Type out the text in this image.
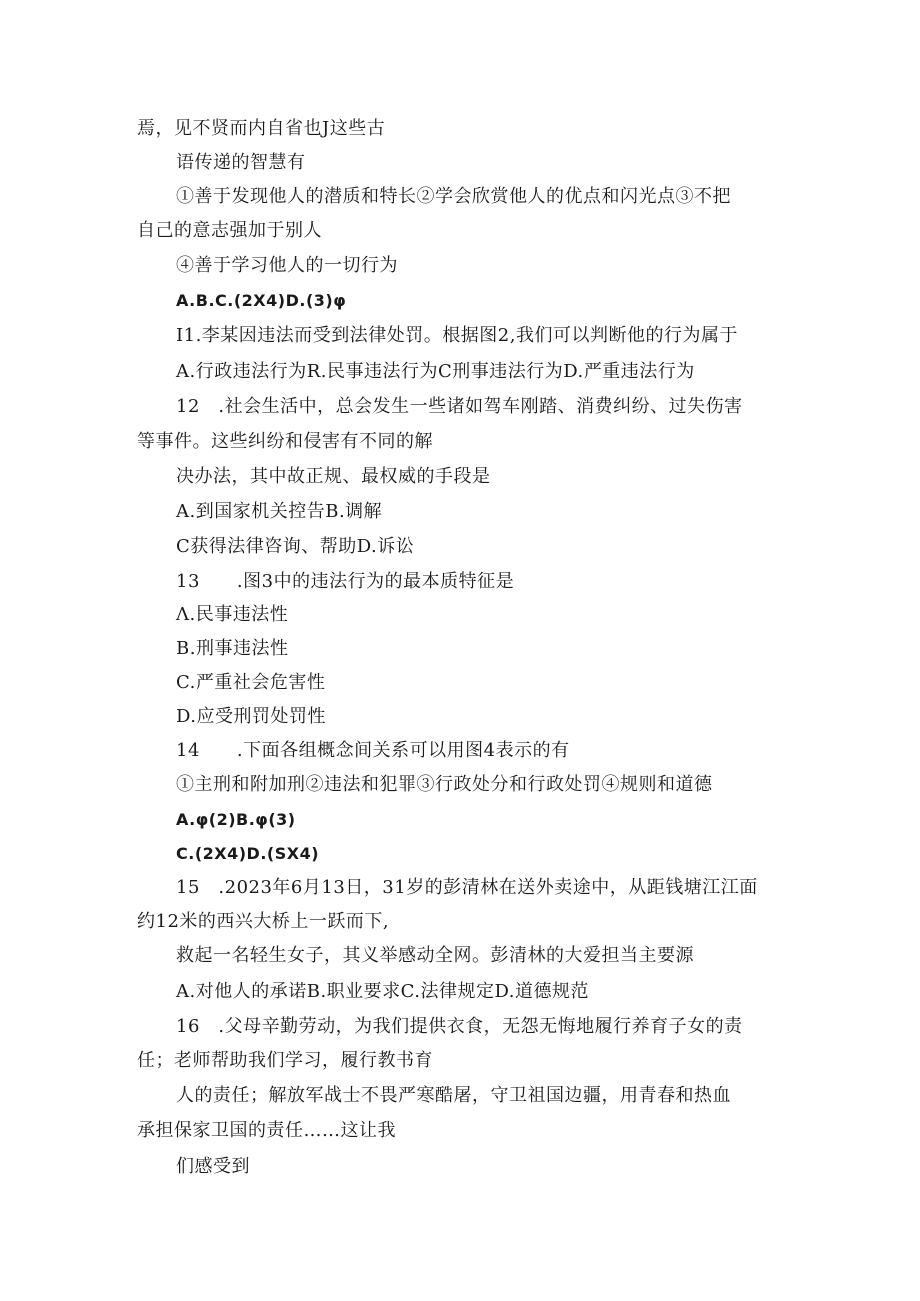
焉，见不贤而内自省也J这些古
语传递的智慧有
①善于发现他人的潜质和特长②学会欣赏他人的优点和闪光点③不把
自己的意志强加于别人
④善于学习他人的一切行为
A.B.C.(2X4)D.(3)φ
I1.李某因违法而受到法律处罚。根据图2,我们可以判断他的行为属于
A.行政违法行为R.民事违法行为C刑事违法行为D.严重违法行为
12　.社会生活中，总会发生一些诸如驾车刚踏、消费纠纷、过失伤害
等事件。这些纠纷和侵害有不同的解
决办法，其中故正规、最权威的手段是
A.到国家机关控告B.调解
C获得法律咨询、帮助D.诉讼
13　　.图3中的违法行为的最本质特征是
Λ.民事违法性
B.刑事违法性
C.严重社会危害性
D.应受刑罚处罚性
14　　.下面各组概念间关系可以用图4表示的有
①主刑和附加刑②违法和犯罪③行政处分和行政处罚④规则和道德
A.φ(2)B.φ(3)
C.(2X4)D.(SX4)
15　.2023年6月13日，31岁的彭清林在送外卖途中，从距钱塘江江面
约12米的西兴大桥上一跃而下,
救起一名轻生女子，其义举感动全网。彭清林的大爱担当主要源
A.对他人的承诺B.职业要求C.法律规定D.道德规范
16　.父母辛勤劳动，为我们提供衣食，无怨无悔地履行养育子女的责
任；老师帮助我们学习，履行教书育
人的责任；解放军战士不畏严寒酷屠，守卫祖国边疆，用青春和热血
承担保家卫国的责任……这让我
们感受到
